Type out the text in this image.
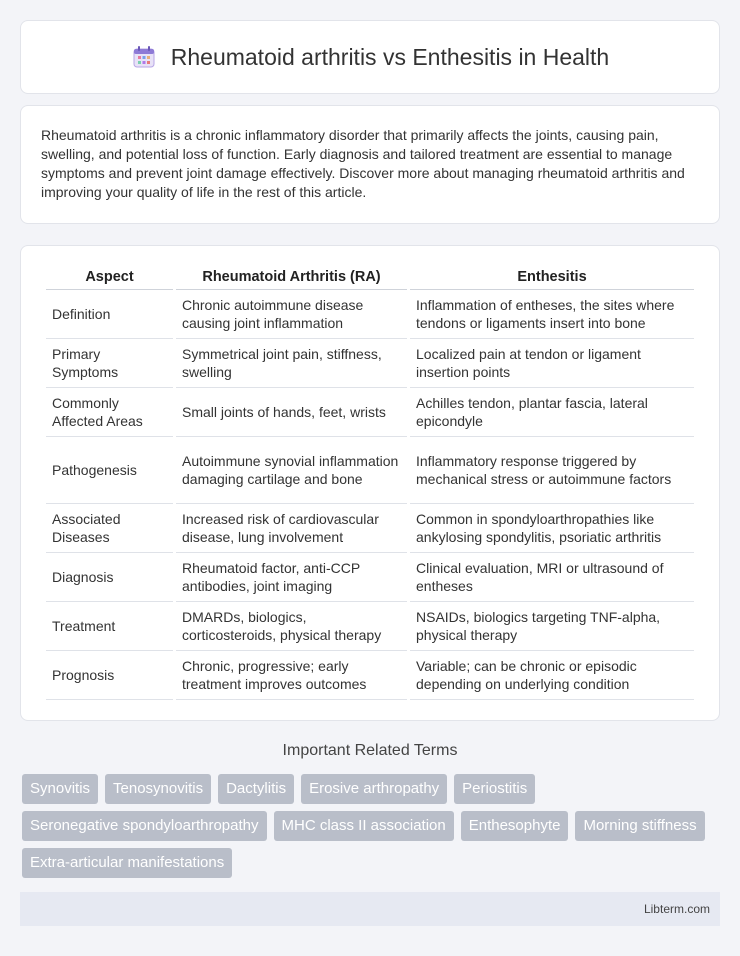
Rheumatoid arthritis vs Enthesitis in Health

Rheumatoid arthritis is a chronic inflammatory disorder that primarily affects the joints, causing pain, swelling, and potential loss of function. Early diagnosis and tailored treatment are essential to manage symptoms and prevent joint damage effectively. Discover more about managing rheumatoid arthritis and improving your quality of life in the rest of this article.

Aspect	Rheumatoid Arthritis (RA)	Enthesitis
Definition	Chronic autoimmune disease causing joint inflammation	Inflammation of entheses, the sites where tendons or ligaments insert into bone
Primary Symptoms	Symmetrical joint pain, stiffness, swelling	Localized pain at tendon or ligament insertion points
Commonly Affected Areas	Small joints of hands, feet, wrists	Achilles tendon, plantar fascia, lateral epicondyle
Pathogenesis	Autoimmune synovial inflammation damaging cartilage and bone	Inflammatory response triggered by mechanical stress or autoimmune factors
Associated Diseases	Increased risk of cardiovascular disease, lung involvement	Common in spondyloarthropathies like ankylosing spondylitis, psoriatic arthritis
Diagnosis	Rheumatoid factor, anti-CCP antibodies, joint imaging	Clinical evaluation, MRI or ultrasound of entheses
Treatment	DMARDs, biologics, corticosteroids, physical therapy	NSAIDs, biologics targeting TNF-alpha, physical therapy
Prognosis	Chronic, progressive; early treatment improves outcomes	Variable; can be chronic or episodic depending on underlying condition
Important Related Terms
Synovitis	Tenosynovitis	Dactylitis	Erosive arthropathy	Periostitis
Seronegative spondyloarthropathy	MHC class II association	Enthesophyte	Morning stiffness
Extra-articular manifestations
Libterm.com
